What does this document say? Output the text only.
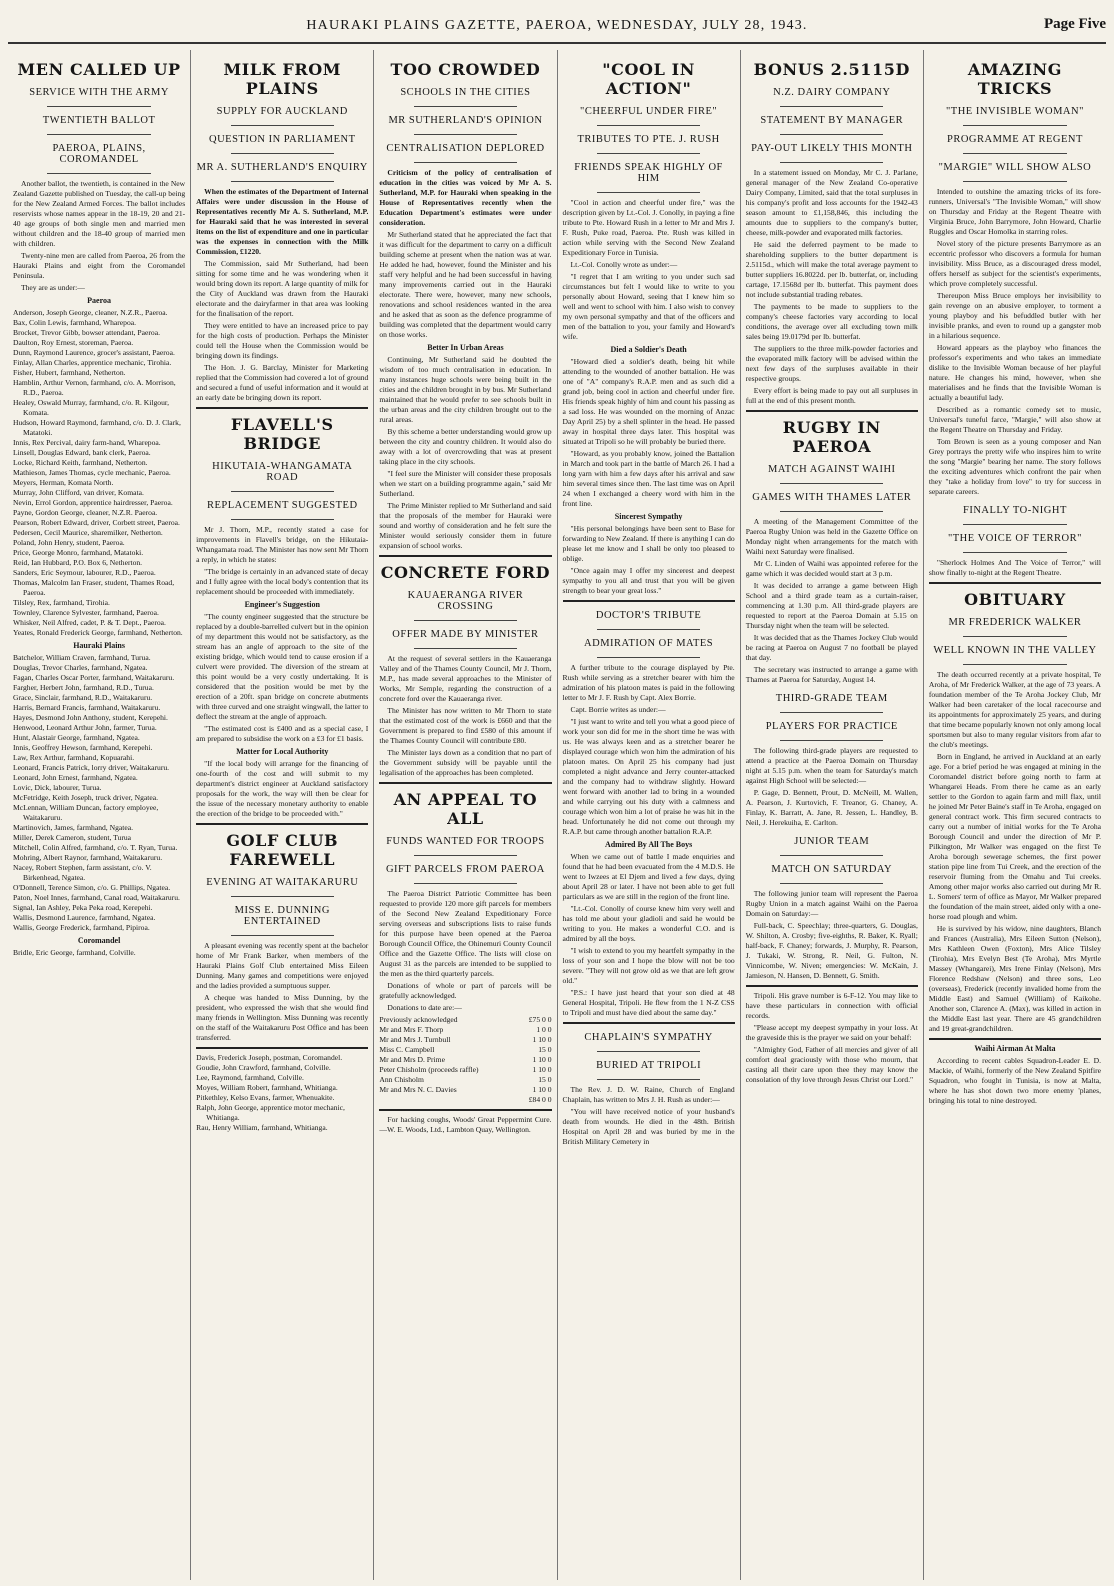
HAURAKI PLAINS GAZETTE, PAEROA, WEDNESDAY, JULY 28, 1943.	Page Five
MEN CALLED UP
SERVICE WITH THE ARMY
TWENTIETH BALLOT
PAEROA, PLAINS, COROMANDEL

Another ballot, the twentieth, is contained in the New Zealand Gazette published on Tuesday, the call-up being for the New Zealand Armed Forces. The ballot includes reservists whose names appear in the 18-19, 20 and 21-40 age groups of both single men and married men without children and the 18-40 group of married men with children.

Twenty-nine men are called from Paeroa, 26 from the Hauraki Plains and eight from the Coromandel Peninsula.

They are as under:—

Paeroa

Anderson, Joseph George, cleaner, N.Z.R., Paeroa.

Bax, Colin Lewis, farmhand, Wharepoa.

Brocket, Trevor Gibb, bowser attendant, Paeroa.

Daulton, Roy Ernest, storeman, Paeroa.

Dunn, Raymond Laurence, grocer's assistant, Paeroa.

Finlay, Allan Charles, apprentice mechanic, Tirohia.

Fisher, Hubert, farmhand, Netherton.

Hamblin, Arthur Vernon, farmhand, c/o. A. Morrison, R.D., Paeroa.

Healey, Oswald Murray, farmhand, c/o. R. Kilgour, Komata.

Hudson, Howard Raymond, farmhand, c/o. D. J. Clark, Matatoki.

Innis, Rex Percival, dairy farm-hand, Wharepoa.

Linsell, Douglas Edward, bank clerk, Paeroa.

Locke, Richard Keith, farmhand, Netherton.

Mathieson, James Thomas, cycle mechanic, Paeroa.

Meyers, Herman, Komata North.

Murray, John Clifford, van driver, Komata.

Nevin, Errol Gordon, apprentice hairdresser, Paeroa.

Payne, Gordon George, cleaner, N.Z.R. Paeroa.

Pearson, Robert Edward, driver, Corbett street, Paeroa.

Pedersen, Cecil Maurice, sharemilker, Netherton.

Poland, John Henry, student, Paeroa.

Price, George Monro, farmhand, Matatoki.

Reid, Ian Hubbard, P.O. Box 6, Netherton.

Sanders, Eric Seymour, labourer, R.D., Paeroa.

Thomas, Malcolm Ian Fraser, student, Thames Road, Paeroa.

Tilsley, Rex, farmhand, Tirohia.

Townley, Clarence Sylvester, farmhand, Paeroa.

Whisker, Neil Alfred, cadet, P. & T. Dept., Paeroa.

Yeates, Ronald Frederick George, farmhand, Netherton.

Hauraki Plains

Batchelor, William Craven, farmhand, Turua.

Douglas, Trevor Charles, farmhand, Ngatea.

Fagan, Charles Oscar Porter, farmhand, Waitakaruru.

Fargher, Herbert John, farmhand, R.D., Turua.

Grace, Sinclair, farmhand, R.D., Waitakaruru.

Harris, Bernard Francis, farmhand, Waitakaruru.

Hayes, Desmond John Anthony, student, Kerepehi.

Henwood, Leonard Arthur John, farmer, Turua.

Hunt, Alastair George, farmhand, Ngatea.

Innis, Geoffrey Hewson, farmhand, Kerepehi.

Law, Rex Arthur, farmhand, Kopuarahi.

Leonard, Francis Patrick, lorry driver, Waitakaruru.

Leonard, John Ernest, farmhand, Ngatea.

Lovic, Dick, labourer, Turua.

McFetridge, Keith Joseph, truck driver, Ngatea.

McLennan, William Duncan, factory employee, Waitakaruru.

Martinovich, James, farmhand, Ngatea.

Miller, Derek Cameron, student, Turua

Mitchell, Colin Alfred, farmhand, c/o. T. Ryan, Turua.

Mohring, Albert Raynor, farmhand, Waitakaruru.

Nacey, Robert Stephen, farm assistant, c/o. V. Birkenhead, Ngatea.

O'Donnell, Terence Simon, c/o. G. Phillips, Ngatea.

Paton, Noel Innes, farmhand, Canal road, Waitakaruru.

Signal, Ian Ashley, Peka Peka road, Kerepehi.

Wallis, Desmond Laurence, farmhand, Ngatea.

Wallis, George Frederick, farmhand, Pipiroa.

Coromandel

Bridle, Eric George, farmhand, Colville.

MILK FROM PLAINS
SUPPLY FOR AUCKLAND
QUESTION IN PARLIAMENT
MR A. SUTHERLAND'S ENQUIRY

When the estimates of the Department of Internal Affairs were under discussion in the House of Representatives recently Mr A. S. Sutherland, M.P. for Hauraki said that he was interested in several items on the list of expenditure and one in particular was the expenses in connection with the Milk Commission, £1220.

The Commission, said Mr Sutherland, had been sitting for some time and he was wondering when it would bring down its report. A large quantity of milk for the City of Auckland was drawn from the Hauraki electorate and the dairyfarmer in that area was looking for the finalisation of the report.

They were entitled to have an increased price to pay for the high costs of production. Perhaps the Minister could tell the House when the Commission would be bringing down its findings.

The Hon. J. G. Barclay, Minister for Marketing replied that the Commission had covered a lot of ground and secured a fund of useful information and it would at an early date be bringing down its report.

FLAVELL'S BRIDGE
HIKUTAIA-WHANGAMATA ROAD
REPLACEMENT SUGGESTED

Mr J. Thorn, M.P., recently stated a case for improvements in Flavell's bridge, on the Hikutaia-Whangamata road. The Minister has now sent Mr Thorn a reply, in which he states:

"The bridge is certainly in an advanced state of decay and I fully agree with the local body's contention that its replacement should be proceeded with immediately.

Engineer's Suggestion

"The county engineer suggested that the structure be replaced by a double-barrelled culvert but in the opinion of my department this would not be satisfactory, as the stream has an angle of approach to the site of the existing bridge, which would tend to cause erosion if a culvert were provided. The diversion of the stream at this point would be a very costly undertaking. It is considered that the position would be met by the erection of a 20ft. span bridge on concrete abutments with three curved and one straight wingwall, the latter to deflect the stream at the angle of approach.

"The estimated cost is £400 and as a special case, I am prepared to subsidise the work on a £3 for £1 basis.

Matter for Local Authority

"If the local body will arrange for the financing of one-fourth of the cost and will submit to my department's district engineer at Auckland satisfactory proposals for the work, the way will then be clear for the issue of the necessary monetary authority to enable the erection of the bridge to be proceeded with."

GOLF CLUB FAREWELL
EVENING AT WAITAKARURU
MISS E. DUNNING ENTERTAINED

A pleasant evening was recently spent at the bachelor home of Mr Frank Barker, when members of the Hauraki Plains Golf Club entertained Miss Eileen Dunning. Many games and competitions were enjoyed and the ladies provided a sumptuous supper.

A cheque was handed to Miss Dunning, by the president, who expressed the wish that she would find many friends in Wellington. Miss Dunning was recently on the staff of the Waitakaruru Post Office and has been transferred.

Davis, Frederick Joseph, postman, Coromandel.

Goudie, John Crawford, farmhand, Colville.

Lee, Raymond, farmhand, Colville.

Moyes, William Robert, farmhand, Whitianga.

Pitkethley, Kelso Evans, farmer, Whenuakite.

Ralph, John George, apprentice motor mechanic, Whitianga.

Rau, Henry William, farmhand, Whitianga.

TOO CROWDED
SCHOOLS IN THE CITIES
MR SUTHERLAND'S OPINION
CENTRALISATION DEPLORED

Criticism of the policy of centralisation of education in the cities was voiced by Mr A. S. Sutherland, M.P. for Hauraki when speaking in the House of Representatives recently when the Education Department's estimates were under consideration.

Mr Sutherland stated that he appreciated the fact that it was difficult for the department to carry on a difficult building scheme at present when the nation was at war. He added he had, however, found the Minister and his staff very helpful and he had been successful in having many improvements carried out in the Hauraki electorate. There were, however, many new schools, renovations and school residences wanted in the area and he asked that as soon as the defence programme of building was completed that the department would carry on those works.

Better In Urban Areas

Continuing, Mr Sutherland said he doubted the wisdom of too much centralisation in education. In many instances huge schools were being built in the cities and the children brought in by bus. Mr Sutherland maintained that he would prefer to see schools built in the urban areas and the city children brought out to the rural areas.

By this scheme a better understanding would grow up between the city and country children. It would also do away with a lot of overcrowding that was at present taking place in the city schools.

"I feel sure the Minister will consider these proposals when we start on a building programme again," said Mr Sutherland.

The Prime Minister replied to Mr Sutherland and said that the proposals of the member for Hauraki were sound and worthy of consideration and he felt sure the Minister would seriously consider them in future expansion of school works.

CONCRETE FORD
KAUAERANGA RIVER CROSSING
OFFER MADE BY MINISTER

At the request of several settlers in the Kauaeranga Valley and of the Thames County Council, Mr J. Thorn, M.P., has made several approaches to the Minister of Works, Mr Semple, regarding the construction of a concrete ford over the Kauaeranga river.

The Minister has now written to Mr Thorn to state that the estimated cost of the work is £660 and that the Government is prepared to find £580 of this amount if the Thames County Council will contribute £80.

The Minister lays down as a condition that no part of the Government subsidy will be payable until the legalisation of the approaches has been completed.

AN APPEAL TO ALL
FUNDS WANTED FOR TROOPS
GIFT PARCELS FROM PAEROA

The Paeroa District Patriotic Committee has been requested to provide 120 more gift parcels for members of the Second New Zealand Expeditionary Force serving overseas and subscriptions lists to raise funds for this purpose have been opened at the Paeroa Borough Council Office, the Ohinemuri County Council Office and the Gazette Office. The lists will close on August 31 as the parcels are intended to be supplied to the men as the third quarterly parcels.

Donations of whole or part of parcels will be gratefully acknowledged.

Donations to date are:—

Previously acknowledged	£75 0 0
Mr and Mrs F. Thorp	1 0 0
Mr and Mrs J. Turnbull	1 10 0
Miss C. Campbell	15 0
Mr and Mrs D. Prime	1 10 0
Peter Chisholm (proceeds raffle)	1 10 0
Ann Chisholm	15 0
Mr and Mrs N. C. Davies	1 10 0
	£84 0 0

For hacking coughs, Woods' Great Peppermint Cure.—W. E. Woods, Ltd., Lambton Quay, Wellington.

"COOL IN ACTION"
"CHEERFUL UNDER FIRE"
TRIBUTES TO PTE. J. RUSH
FRIENDS SPEAK HIGHLY OF HIM

"Cool in action and cheerful under fire," was the description given by Lt.-Col. J. Conolly, in paying a fine tribute to Pte. Howard Rush in a letter to Mr and Mrs J. F. Rush, Puke road, Paeroa. Pte. Rush was killed in action while serving with the Second New Zealand Expeditionary Force in Tunisia.

Lt.-Col. Conolly wrote as under:—

"I regret that I am writing to you under such sad circumstances but felt I would like to write to you personally about Howard, seeing that I knew him so well and went to school with him. I also wish to convey my own personal sympathy and that of the officers and men of the battalion to you, your family and Howard's wife.

Died a Soldier's Death

"Howard died a soldier's death, being hit while attending to the wounded of another battalion. He was one of "A" company's R.A.P. men and as such did a grand job, being cool in action and cheerful under fire. His friends speak highly of him and count his passing as a sad loss. He was wounded on the morning of Anzac Day April 25) by a shell splinter in the head. He passed away in hospital three days later. This hospital was situated at Tripoli so he will probably be buried there.

"Howard, as you probably know, joined the Battalion in March and took part in the battle of March 26. I had a long yarn with him a few days after his arrival and saw him several times since then. The last time was on April 24 when I exchanged a cheery word with him in the front line.

Sincerest Sympathy

"His personal belongings have been sent to Base for forwarding to New Zealand. If there is anything I can do please let me know and I shall be only too pleased to oblige.

"Once again may I offer my sincerest and deepest sympathy to you all and trust that you will be given strength to bear your great loss."

DOCTOR'S TRIBUTE
ADMIRATION OF MATES

A further tribute to the courage displayed by Pte. Rush while serving as a stretcher bearer with him the admiration of his platoon mates is paid in the following letter to Mr J. F. Rush by Capt. Alex Borrie.

Capt. Borrie writes as under:—

"I just want to write and tell you what a good piece of work your son did for me in the short time he was with us. He was always keen and as a stretcher bearer he displayed courage which won him the admiration of his platoon mates. On April 25 his company had just completed a night advance and Jerry counter-attacked and the company had to withdraw slightly. Howard went forward with another lad to bring in a wounded and while carrying out his duty with a calmness and courage which won him a lot of praise he was hit in the head. Unfortunately he did not come out through my R.A.P. but came through another battalion R.A.P.

Admired By All The Boys

When we came out of battle I made enquiries and found that he had been evacuated from the 4 M.D.S. He went to Iwzees at El Djem and lived a few days, dying about April 28 or later. I have not been able to get full particulars as we are still in the region of the front line.

"Lt.-Col. Conolly of course knew him very well and has told me about your gladioli and said he would be writing to you. He makes a wonderful C.O. and is admired by all the boys.

"I wish to extend to you my heartfelt sympathy in the loss of your son and I hope the blow will not be too severe. "They will not grow old as we that are left grow old."

"P.S.: I have just heard that your son died at 48 General Hospital, Tripoli. He flew from the 1 N-Z CSS to Tripoli and must have died about the same day."

CHAPLAIN'S SYMPATHY
BURIED AT TRIPOLI

The Rev. J. D. W. Raine, Church of England Chaplain, has written to Mrs J. H. Rush as under:—

"You will have received notice of your husband's death from wounds. He died in the 48th. British Hospital on April 28 and was buried by me in the British Military Cemetery in

BONUS 2.5115D
N.Z. DAIRY COMPANY
STATEMENT BY MANAGER
PAY-OUT LIKELY THIS MONTH

In a statement issued on Monday, Mr C. J. Parlane, general manager of the New Zealand Co-operative Dairy Company, Limited, said that the total surpluses in his company's profit and loss accounts for the 1942-43 season amount to £1,158,846, this including the amounts due to suppliers to the company's butter, cheese, milk-powder and evaporated milk factories.

He said the deferred payment to be made to shareholding suppliers to the butter department is 2.5115d., which will make the total average payment to butter suppliers 16.8022d. per lb. butterfat, or, including cartage, 17.1568d per lb. butterfat. This payment does not include substantial trading rebates.

The payments to be made to suppliers to the company's cheese factories vary according to local conditions, the average over all excluding town milk sales being 19.0179d per lb. butterfat.

The suppliers to the three milk-powder factories and the evaporated milk factory will be advised within the next few days of the surpluses available in their respective groups.

Every effort is being made to pay out all surpluses in full at the end of this present month.

RUGBY IN PAEROA
MATCH AGAINST WAIHI
GAMES WITH THAMES LATER

A meeting of the Management Committee of the Paeroa Rugby Union was held in the Gazette Office on Monday night when arrangements for the match with Waihi next Saturday were finalised.

Mr C. Linden of Waihi was appointed referee for the game which it was decided would start at 3 p.m.

It was decided to arrange a game between High School and a third grade team as a curtain-raiser, commencing at 1.30 p.m. All third-grade players are requested to report at the Paeroa Domain at 5.15 on Thursday night when the team will be selected.

It was decided that as the Thames Jockey Club would be racing at Paeroa on August 7 no football be played that day.

The secretary was instructed to arrange a game with Thames at Paeroa for Saturday, August 14.

THIRD-GRADE TEAM
PLAYERS FOR PRACTICE

The following third-grade players are requested to attend a practice at the Paeroa Domain on Thursday night at 5.15 p.m. when the team for Saturday's match against High School will be selected:—

P. Gage, D. Bennett, Prout, D. McNeill, M. Wallen, A. Pearson, J. Kurtovich, F. Treanor, G. Chaney, A. Finlay, K. Barratt, A. Jane, R. Jessen, L. Handley, B. Neil, J. Herekuiha, E. Carlton.

JUNIOR TEAM
MATCH ON SATURDAY

The following junior team will represent the Paeroa Rugby Union in a match against Waihi on the Paeroa Domain on Saturday:—

Full-back, C. Speechlay; three-quarters, G. Douglas, W. Shilton, A. Crosby; five-eighths, R. Baker, K. Ryall; half-back, F. Chaney; forwards, J. Murphy, R. Pearson, J. Tukaki, W. Strong, R. Neil, G. Fulton, N. Vinnicombe, W. Niven; emergencies: W. McKain, J. Jamieson, N. Hansen, D. Bennett, G. Smith.

Tripoli. His grave number is 6-F-12. You may like to have these particulars in connection with official records.

"Please accept my deepest sympathy in your loss. At the graveside this is the prayer we said on your behalf:

"Almighty God, Father of all mercies and giver of all comfort deal graciously with those who mourn, that casting all their care upon thee they may know the consolation of thy love through Jesus Christ our Lord."

AMAZING TRICKS
"THE INVISIBLE WOMAN"
PROGRAMME AT REGENT
"MARGIE" WILL SHOW ALSO

Intended to outshine the amazing tricks of its fore-runners, Universal's "The Invisible Woman," will show on Thursday and Friday at the Regent Theatre with Virginia Bruce, John Barrymore, John Howard, Charlie Ruggles and Oscar Homolka in starring roles.

Novel story of the picture presents Barrymore as an eccentric professor who discovers a formula for human invisibility. Miss Bruce, as a discouraged dress model, offers herself as subject for the scientist's experiments, which prove completely successful.

Thereupon Miss Bruce employs her invisibility to gain revenge on an abusive employer, to torment a young playboy and his befuddled butler with her invisible pranks, and even to round up a gangster mob in a hilarious sequence.

Howard appears as the playboy who finances the professor's experiments and who takes an immediate dislike to the Invisible Woman because of her playful nature. He changes his mind, however, when she materialises and he finds that the Invisible Woman is actually a beautiful lady.

Described as a romantic comedy set to music, Universal's tuneful farce, "Margie," will also show at the Regent Theatre on Thursday and Friday.

Tom Brown is seen as a young composer and Nan Grey portrays the pretty wife who inspires him to write the song "Margie" bearing her name. The story follows the exciting adventures which confront the pair when they "take a holiday from love" to try for success in separate careers.

FINALLY TO-NIGHT
"THE VOICE OF TERROR"

"Sherlock Holmes And The Voice of Terror," will show finally to-night at the Regent Theatre.

OBITUARY
MR FREDERICK WALKER
WELL KNOWN IN THE VALLEY

The death occurred recently at a private hospital, Te Aroha, of Mr Frederick Walker, at the age of 73 years. A foundation member of the Te Aroha Jockey Club, Mr Walker had been caretaker of the local racecourse and its appointments for approximately 25 years, and during that time became popularly known not only among local sportsmen but also to many regular visitors from afar to the club's meetings.

Born in England, he arrived in Auckland at an early age. For a brief period he was engaged at mining in the Coromandel district before going north to farm at Whangarei Heads. From there he came as an early settler to the Gordon to again farm and mill flax, until he joined Mr Peter Baine's staff in Te Aroha, engaged on general contract work. This firm secured contracts to carry out a number of initial works for the Te Aroha Borough Council and under the direction of Mr P. Pilkington, Mr Walker was engaged on the first Te Aroha borough sewerage schemes, the first power station pipe line from Tui Creek, and the erection of the reservoir fluming from the Omahu and Tui creeks. Among other major works also carried out during Mr R. L. Somers' term of office as Mayor, Mr Walker prepared the foundation of the main street, aided only with a one-horse road plough and whim.

He is survived by his widow, nine daughters, Blanch and Frances (Australia), Mrs Eileen Sutton (Nelson), Mrs Kathleen Owen (Foxton), Mrs Alice Tilsley (Tirohia), Mrs Evelyn Best (Te Aroha), Mrs Myrtle Massey (Whangarei), Mrs Irene Finlay (Nelson), Mrs Florence Redshaw (Nelson) and three sons, Leo (overseas), Frederick (recently invalided home from the Middle East) and Samuel (William) of Kaikohe. Another son, Clarence A. (Max), was killed in action in the Middle East last year. There are 45 grandchildren and 19 great-grandchildren.

Waihi Airman At Malta

According to recent cables Squadron-Leader E. D. Mackie, of Waihi, formerly of the New Zealand Spitfire Squadron, who fought in Tunisia, is now at Malta, where he has shot down two more enemy 'planes, bringing his total to nine destroyed.
